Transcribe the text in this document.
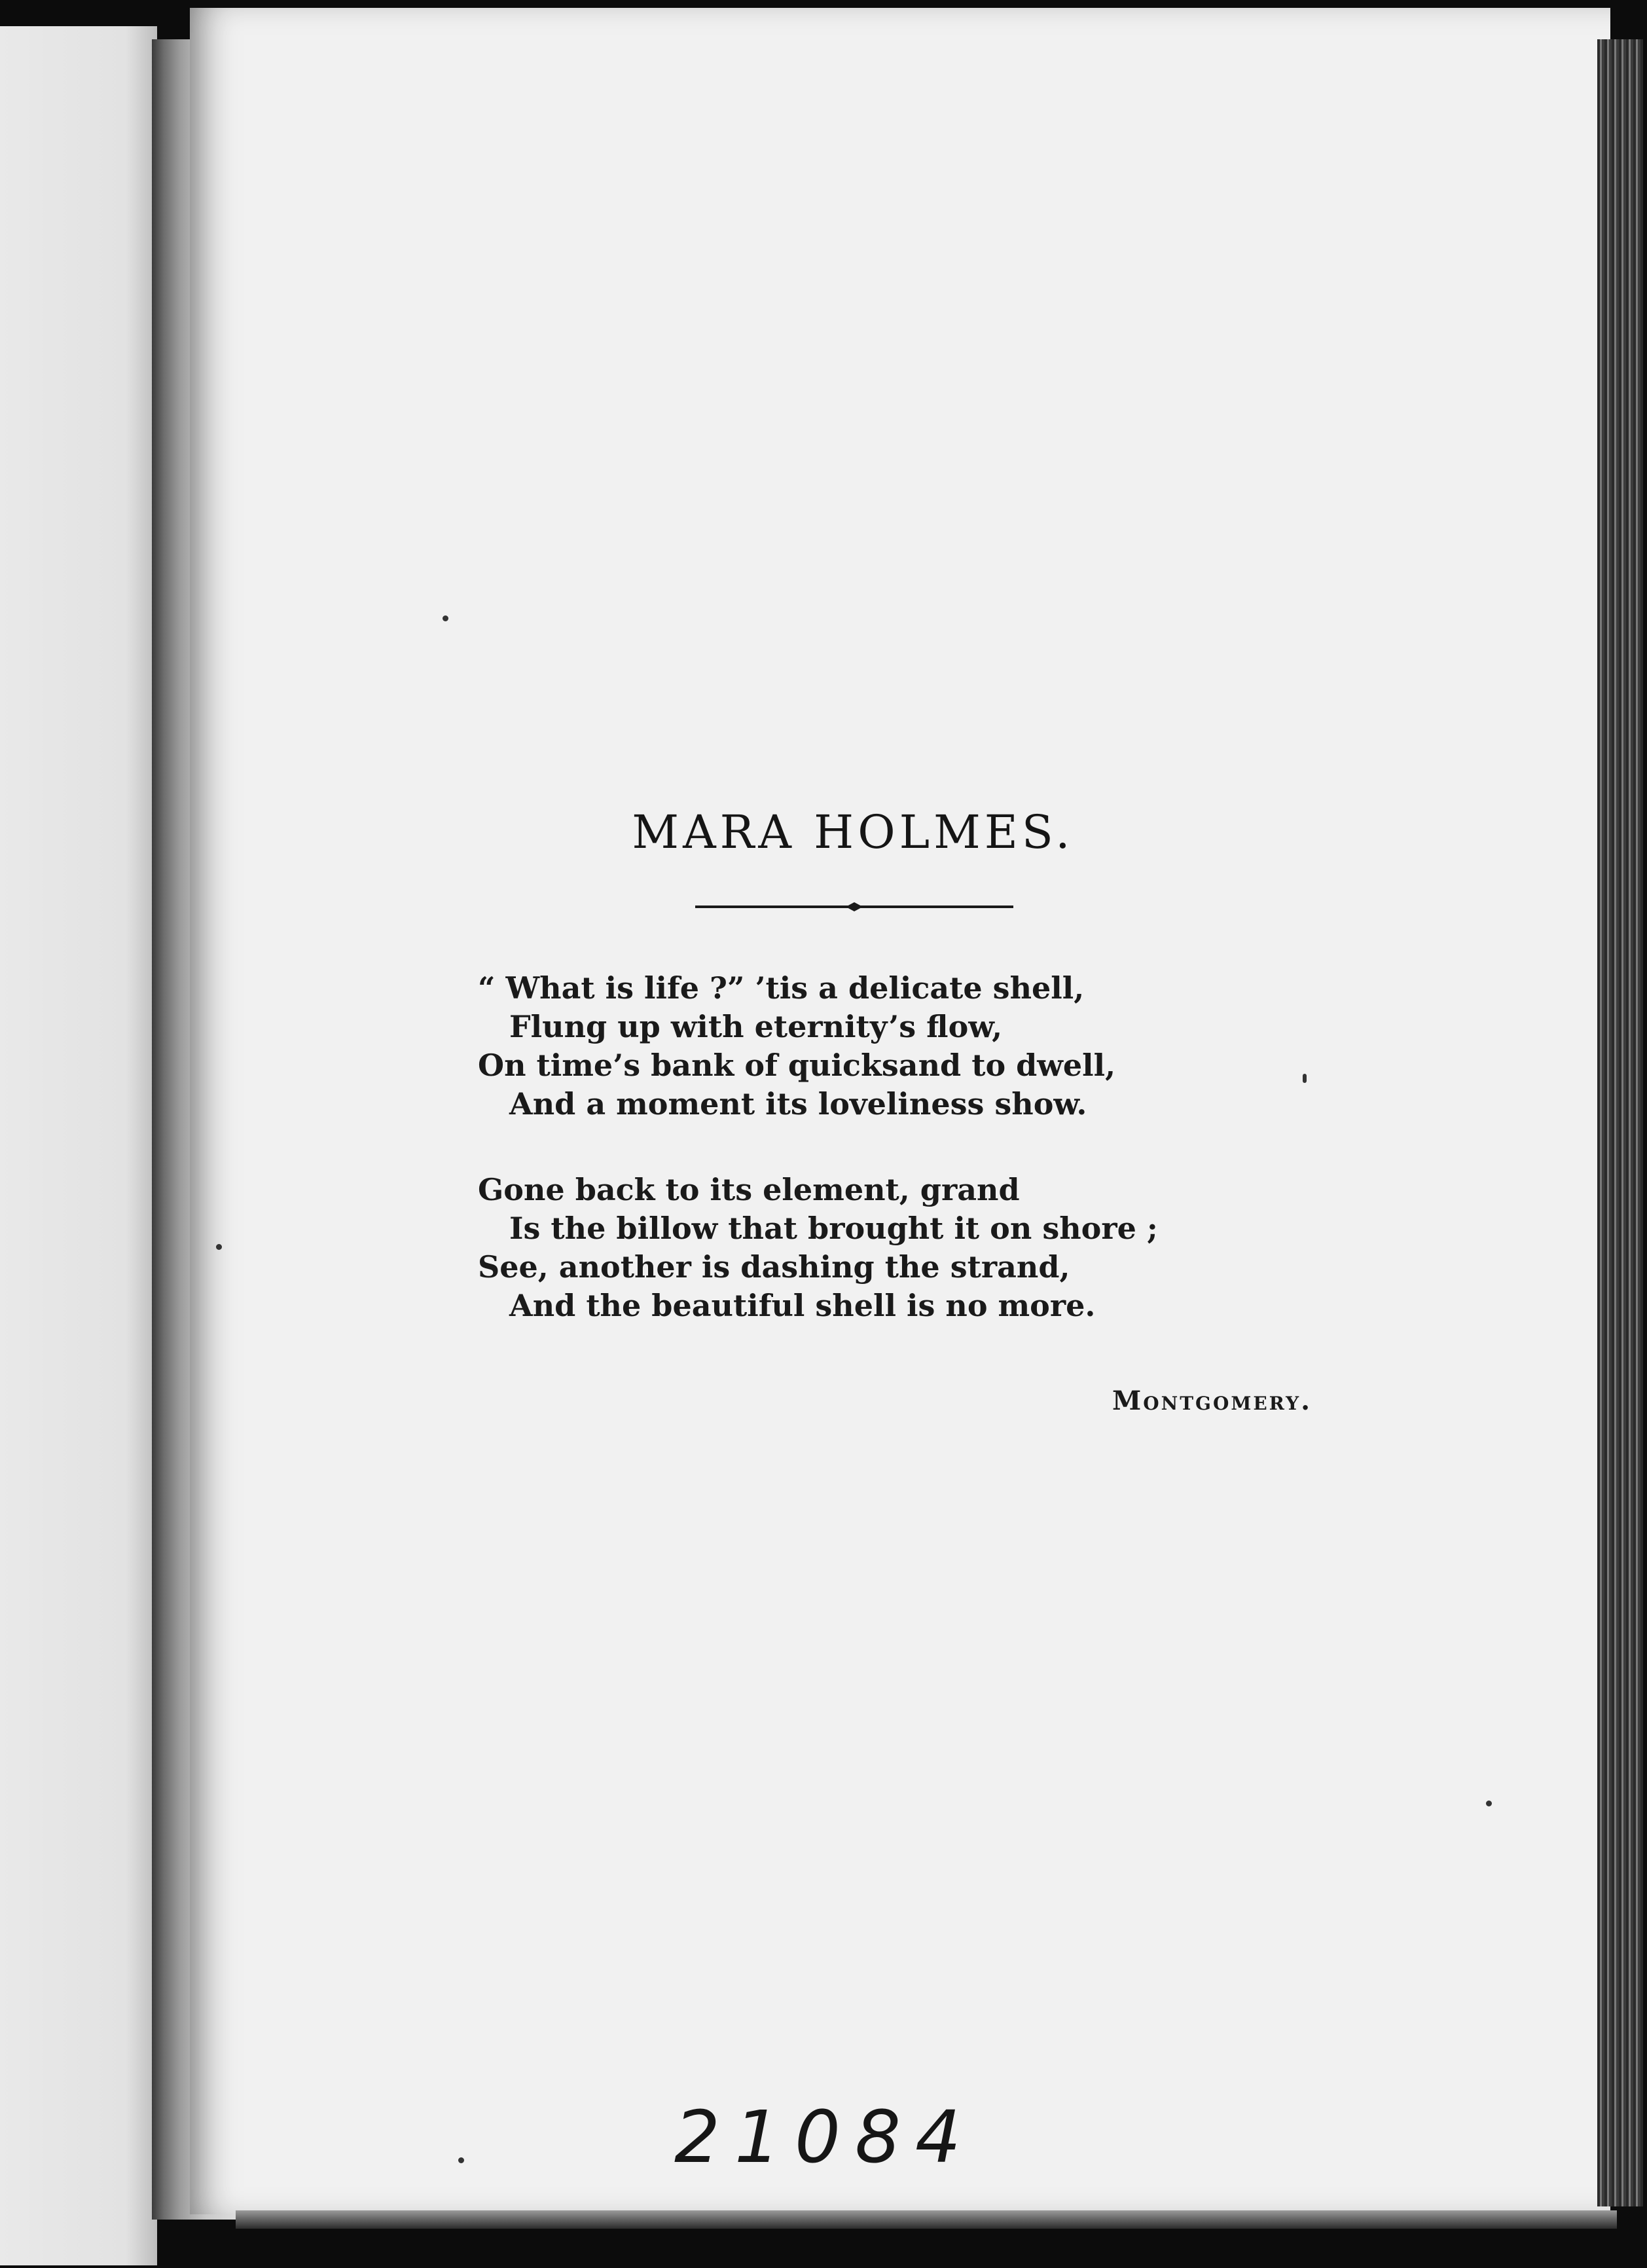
MARA HOLMES.
“ What is life ?” ’tis a delicate shell,
Flung up with eternity’s flow,
On time’s bank of quicksand to dwell,
And a moment its loveliness show.
Gone back to its element, grand
Is the billow that brought it on shore ;
See, another is dashing the strand,
And the beautiful shell is no more.
Montgomery.
21084
